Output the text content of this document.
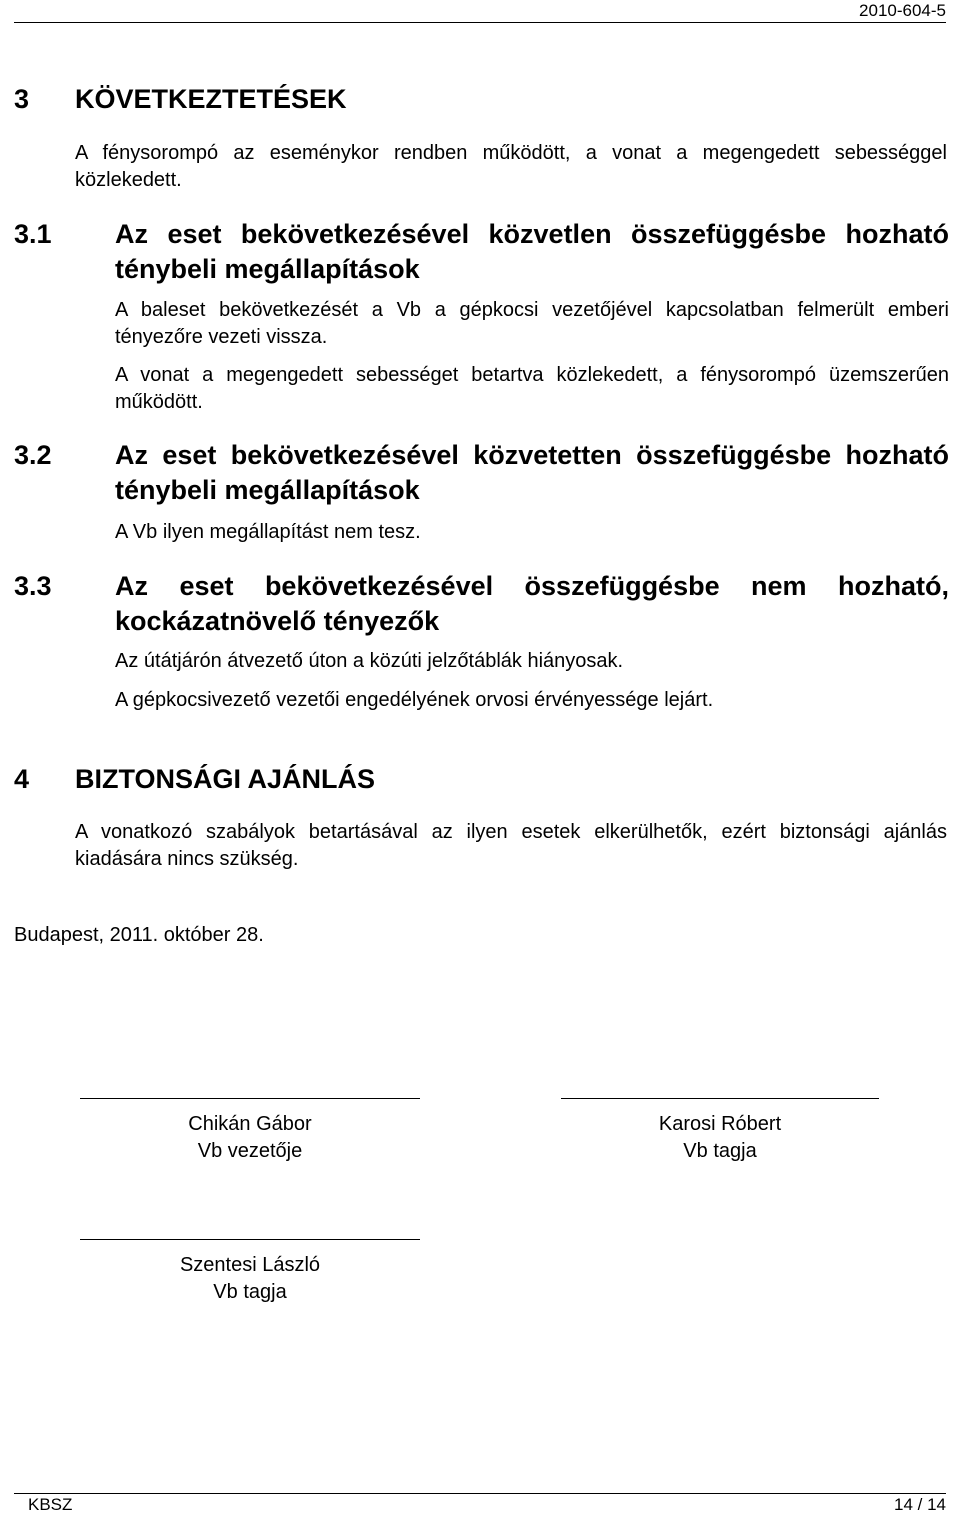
2010-604-5
3 KÖVETKEZTETÉSEK
A fénysorompó az eseménykor rendben működött, a vonat a megengedett sebességgel közlekedett.
3.1 Az eset bekövetkezésével közvetlen összefüggésbe hozható ténybeli megállapítások
A baleset bekövetkezését a Vb a gépkocsi vezetőjével kapcsolatban felmerült emberi tényezőre vezeti vissza.
A vonat a megengedett sebességet betartva közlekedett, a fénysorompó üzemszerűen működött.
3.2 Az eset bekövetkezésével közvetetten összefüggésbe hozható ténybeli megállapítások
A Vb ilyen megállapítást nem tesz.
3.3 Az eset bekövetkezésével összefüggésbe nem hozható, kockázatnövelő tényezők
Az útátjárón átvezető úton a közúti jelzőtáblák hiányosak.
A gépkocsivezető vezetői engedélyének orvosi érvényessége lejárt.
4 BIZTONSÁGI AJÁNLÁS
A vonatkozó szabályok betartásával az ilyen esetek elkerülhetők, ezért biztonsági ajánlás kiadására nincs szükség.
Budapest, 2011. október 28.
Chikán Gábor
Vb vezetője
Karosi Róbert
Vb tagja
Szentesi László
Vb tagja
KBSZ	14 / 14
